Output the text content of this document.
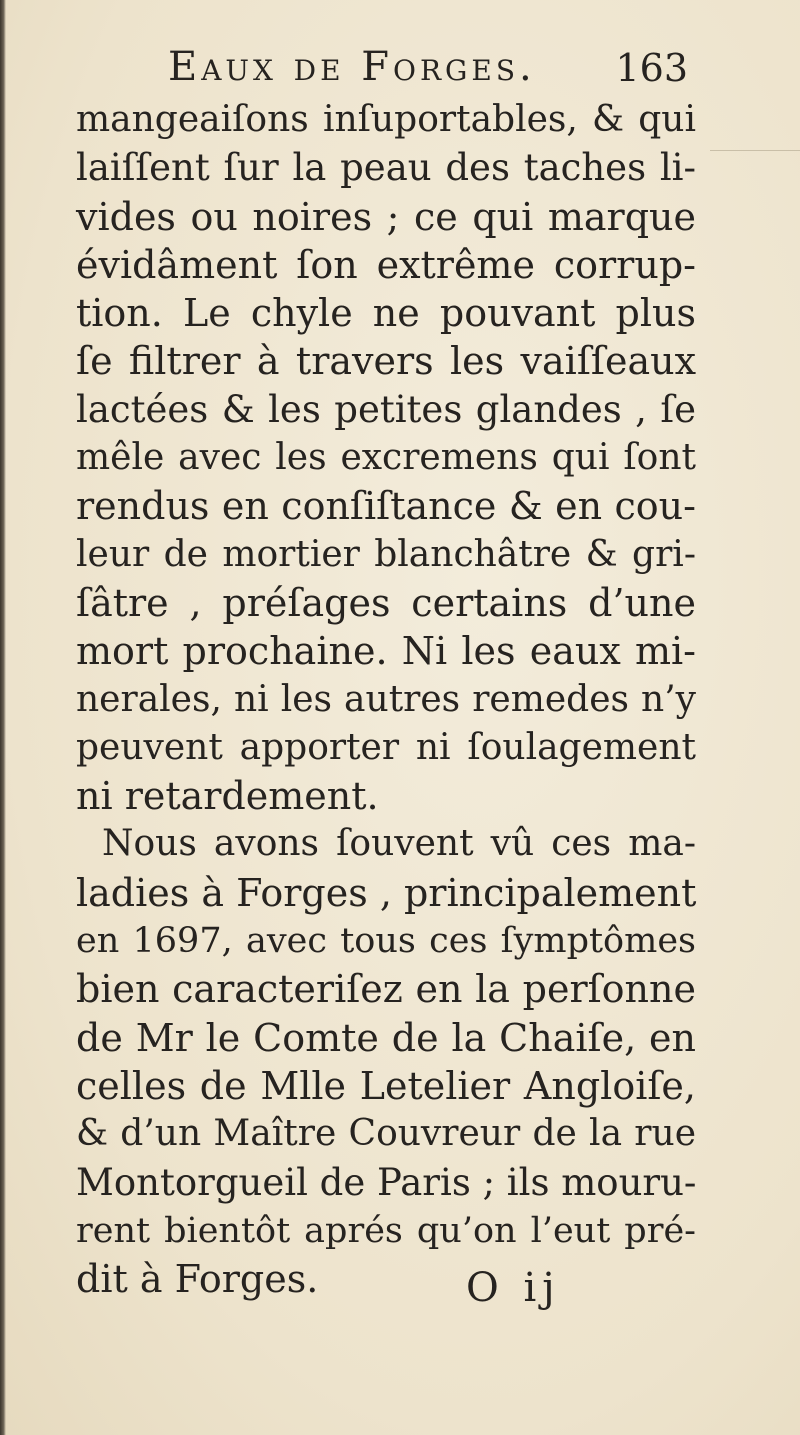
Eaux de Forges. 163
mangeaiſons inſuportables, & qui
laiſſent ſur la peau des taches li-
vides ou noires ; ce qui marque
évidâment ſon extrême corrup-
tion. Le chyle ne pouvant plus
ſe filtrer à travers les vaiſſeaux
lactées & les petites glandes , ſe
mêle avec les excremens qui ſont
rendus en conſiſtance & en cou-
leur de mortier blanchâtre & gri-
ſâtre , préſages certains d’une
mort prochaine. Ni les eaux mi-
nerales, ni les autres remedes n’y
peuvent apporter ni ſoulagement
ni retardement.
Nous avons ſouvent vû ces ma-
ladies à Forges , principalement
en 1697, avec tous ces ſymptômes
bien caracteriſez en la perſonne
de Mr le Comte de la Chaiſe, en
celles de Mlle Letelier Angloiſe,
& d’un Maître Couvreur de la rue
Montorgueil de Paris ; ils mouru-
rent bientôt aprés qu’on l’eut pré-
dit à Forges.	O ij
